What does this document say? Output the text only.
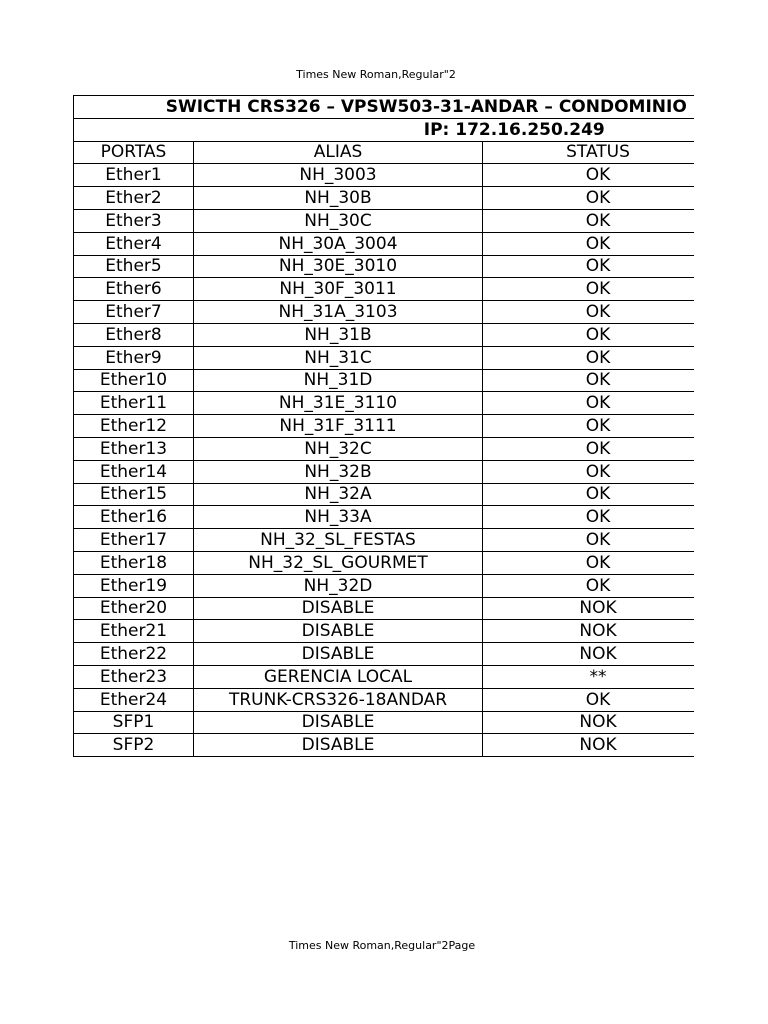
Times New Roman,Regular"2
SWICTH CRS326 – VPSW503-31-ANDAR – CONDOMINIO		
IP: 172.16.250.249		
PORTAS	ALIAS	STATUS
Ether1	NH_3003	OK
Ether2	NH_30B	OK
Ether3	NH_30C	OK
Ether4	NH_30A_3004	OK
Ether5	NH_30E_3010	OK
Ether6	NH_30F_3011	OK
Ether7	NH_31A_3103	OK
Ether8	NH_31B	OK
Ether9	NH_31C	OK
Ether10	NH_31D	OK
Ether11	NH_31E_3110	OK
Ether12	NH_31F_3111	OK
Ether13	NH_32C	OK
Ether14	NH_32B	OK
Ether15	NH_32A	OK
Ether16	NH_33A	OK
Ether17	NH_32_SL_FESTAS	OK
Ether18	NH_32_SL_GOURMET	OK
Ether19	NH_32D	OK
Ether20	DISABLE	NOK
Ether21	DISABLE	NOK
Ether22	DISABLE	NOK
Ether23	GERENCIA LOCAL	**
Ether24	TRUNK-CRS326-18ANDAR	OK
SFP1	DISABLE	NOK
SFP2	DISABLE	NOK
Times New Roman,Regular"2Page
